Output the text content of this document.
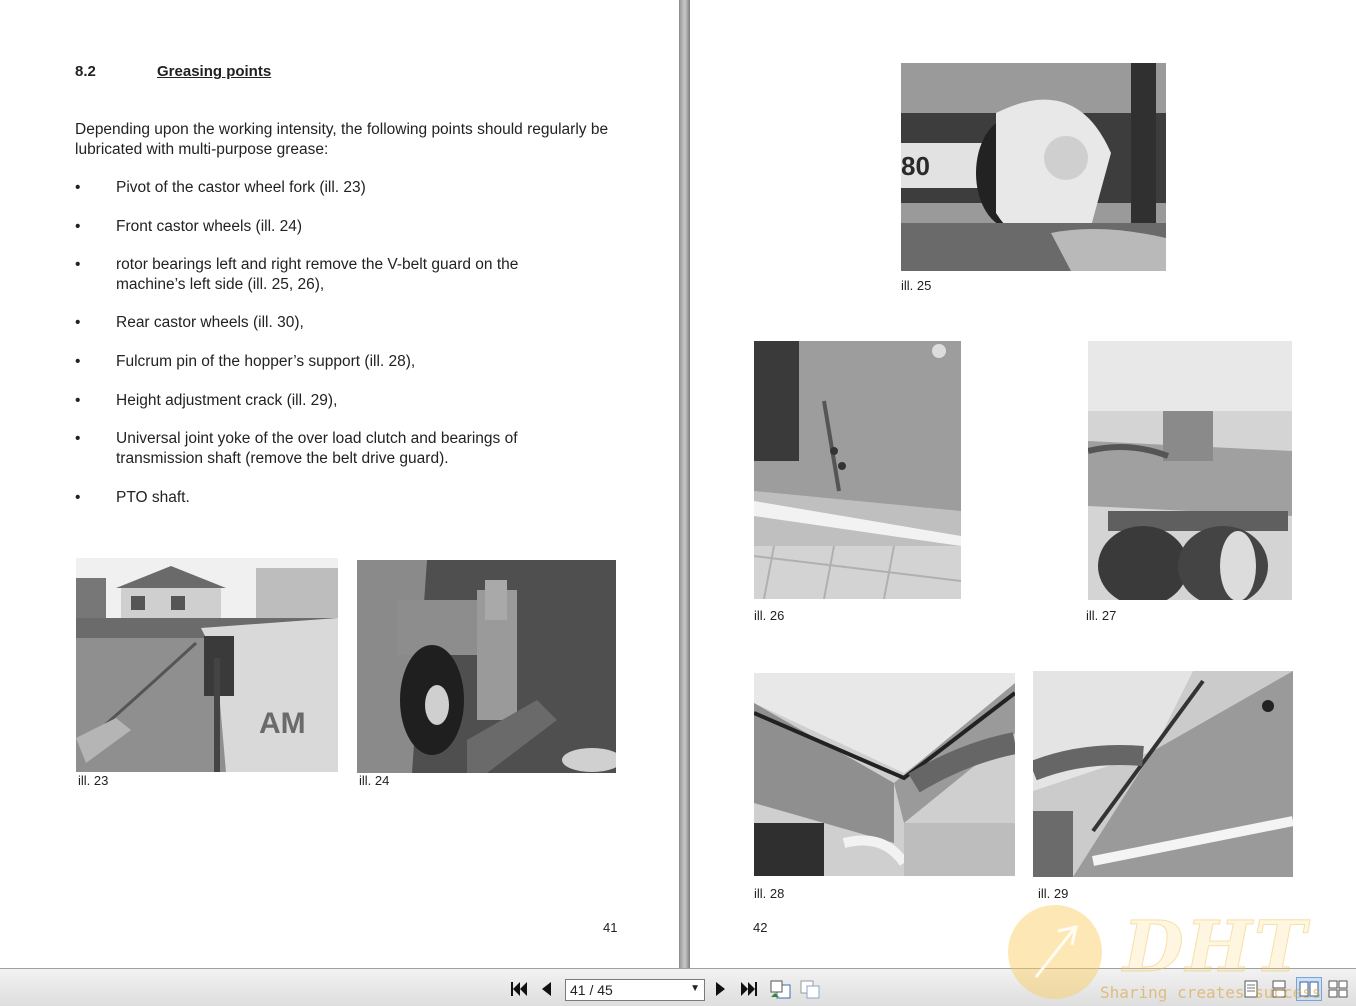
8.2	Greasing points
Depending upon the working intensity, the following points should regularly be lubricated with multi-purpose grease:
• Pivot of the castor wheel fork (ill. 23)
• Front castor wheels (ill. 24)
• rotor bearings left and right remove the V-belt guard on the machine’s left side (ill. 25, 26),
• Rear castor wheels (ill. 30),
• Fulcrum pin of the hopper’s support (ill. 28),
• Height adjustment crack (ill. 29),
• Universal joint yoke of the over load clutch and bearings of transmission shaft (remove the belt drive guard).
• PTO shaft.
AM
ill. 23	ill. 24
41
80
ill. 25
ill. 26	ill. 27
ill. 28	ill. 29
42
41 / 45	▼
DHT
Sharing creates success
